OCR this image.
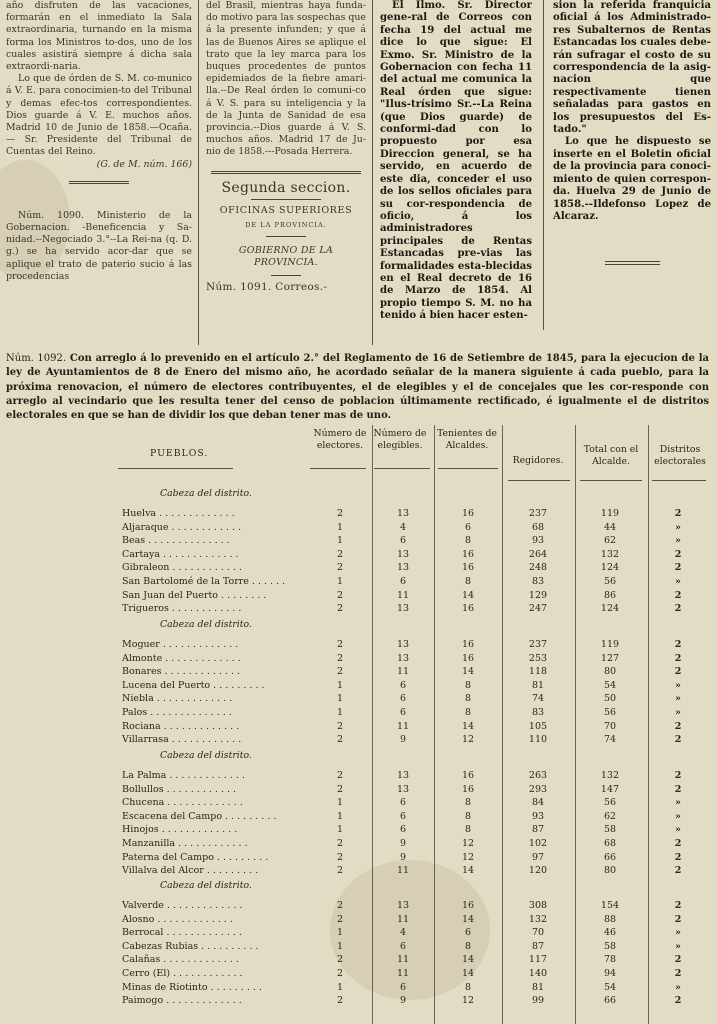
año disfruten de las vacaciones, formarán en el inmediato la Sala extraordinaria, turnando en la misma forma los Ministros to-dos, uno de los cuales asistirá siempre á dicha sala extraordi-naria.

Lo que de órden de S. M. co-munico á V. E. para conocimien-to del Tribunal y demas efec-tos correspondientes. Dios guarde á V. E. muchos años. Madrid 10 de Junio de 1858.—Ocaña.— Sr. Presidente del Tribunal de Cuentas del Reino.

(G. de M. núm. 166)

Núm. 1090. Ministerio de la Gobernacion. -Beneficencia y Sa-nidad.--Negociado 3.°--La Rei-na (q. D. g.) se ha servido acor-dar que se aplique el trato de paterio sucio á las procedencias

del Brasil, mientras haya funda-do motivo para las sospechas que á la presente infunden; y que á las de Buenos Aires se aplique el trato que la ley marca para los buques procedentes de puntos epidemiados de la fiebre amari-lla.--De Real órden lo comuni-co á V. S. para su inteligencia y la de la Junta de Sanidad de esa provincia.--Dios guarde á V. S. muchos años. Madrid 17 de Ju-nio de 1858.---Posada Herrera.

Segunda seccion.
OFICINAS SUPERIORES
DE LA PROVINCIA.
GOBIERNO DE LA PROVINCIA.

Núm. 1091. Correos.-

El Ilmo. Sr. Director gene-ral de Correos con fecha 19 del actual me dice lo que sigue: El Exmo. Sr. Ministro de la Gobernacion con fecha 11 del actual me comunica la Real órden que sigue: "Ilus-trísimo Sr.--La Reina (que Dios guarde) de conformi-dad con lo propuesto por esa Direccion general, se ha servido, en acuerdo de este dia, conceder el uso de los sellos oficiales para su cor-respondencia de oficio, á los administradores principales de Rentas Estancadas pre-vias las formalidades esta-blecidas en el Real decreto de 16 de Marzo de 1854. Al propio tiempo S. M. no ha tenido á bien hacer esten-

sion la referida franquicia oficial á los Administrado-res Subalternos de Rentas Estancadas los cuales debe-rán sufragar el costo de su correspondencia de la asig-nacion que respectivamente tienen señaladas para gastos en los presupuestos del Es-tado."

Lo que he dispuesto se inserte en el Boletin oficial de la provincia para conoci-miento de quien correspon-da. Huelva 29 de Junio de 1858.--Ildefonso Lopez de Alcaraz.

Núm. 1092. Con arreglo á lo prevenido en el artículo 2.° del Reglamento de 16 de Setiembre de 1845, para la ejecucion de la ley de Ayuntamientos de 8 de Enero del mismo año, he acordado señalar de la manera siguiente á cada pueblo, para la próxima renovacion, el número de electores contribuyentes, el de elegibles y el de concejales que les cor-responde con arreglo al vecindario que les resulta tener del censo de poblacion últimamente rectificado, é igualmente el de distritos electorales en que se han de dividir los que deban tener mas de uno.
PUEBLOS.
Número de electores.
Número de elegibles.
Tenientes de Alcaldes.
Regidores.
Total con el Alcalde.
Distritos electorales
Cabeza del distrito.
Huelva . . . . . . . . . . . . .	2	13	16	237	119	2
Aljaraque . . . . . . . . . . . .	1	4	6	68	44	»
Beas . . . . . . . . . . . . . .	1	6	8	93	62	»
Cartaya . . . . . . . . . . . . .	2	13	16	264	132	2
Gibraleon . . . . . . . . . . . .	2	13	16	248	124	2
San Bartolomé de la Torre . . . . . .	1	6	8	83	56	»
San Juan del Puerto . . . . . . . .	2	11	14	129	86	2
Trigueros . . . . . . . . . . . .	2	13	16	247	124	2
Cabeza del distrito.
Moguer . . . . . . . . . . . . .	2	13	16	237	119	2
Almonte . . . . . . . . . . . . .	2	13	16	253	127	2
Bonares . . . . . . . . . . . . .	2	11	14	118	80	2
Lucena del Puerto . . . . . . . . .	1	6	8	81	54	»
Niebla . . . . . . . . . . . . .	1	6	8	74	50	»
Palos . . . . . . . . . . . . . .	1	6	8	83	56	»
Rociana . . . . . . . . . . . . .	2	11	14	105	70	2
Villarrasa . . . . . . . . . . . .	2	9	12	110	74	2
Cabeza del distrito.
La Palma . . . . . . . . . . . . .	2	13	16	263	132	2
Bollullos . . . . . . . . . . . .	2	13	16	293	147	2
Chucena . . . . . . . . . . . . .	1	6	8	84	56	»
Escacena del Campo . . . . . . . . .	1	6	8	93	62	»
Hinojos . . . . . . . . . . . . .	1	6	8	87	58	»
Manzanilla . . . . . . . . . . . .	2	9	12	102	68	2
Paterna del Campo . . . . . . . . .	2	9	12	97	66	2
Villalva del Alcor . . . . . . . . .	2	11	14	120	80	2
Cabeza del distrito.
Valverde . . . . . . . . . . . . .	2	13	16	308	154	2
Alosno . . . . . . . . . . . . .	2	11	14	132	88	2
Berrocal . . . . . . . . . . . . .	1	4	6	70	46	»
Cabezas Rubias . . . . . . . . . .	1	6	8	87	58	»
Calañas . . . . . . . . . . . . .	2	11	14	117	78	2
Cerro (El) . . . . . . . . . . . .	2	11	14	140	94	2
Minas de Riotinto . . . . . . . . .	1	6	8	81	54	»
Paimogo . . . . . . . . . . . . .	2	9	12	99	66	2
